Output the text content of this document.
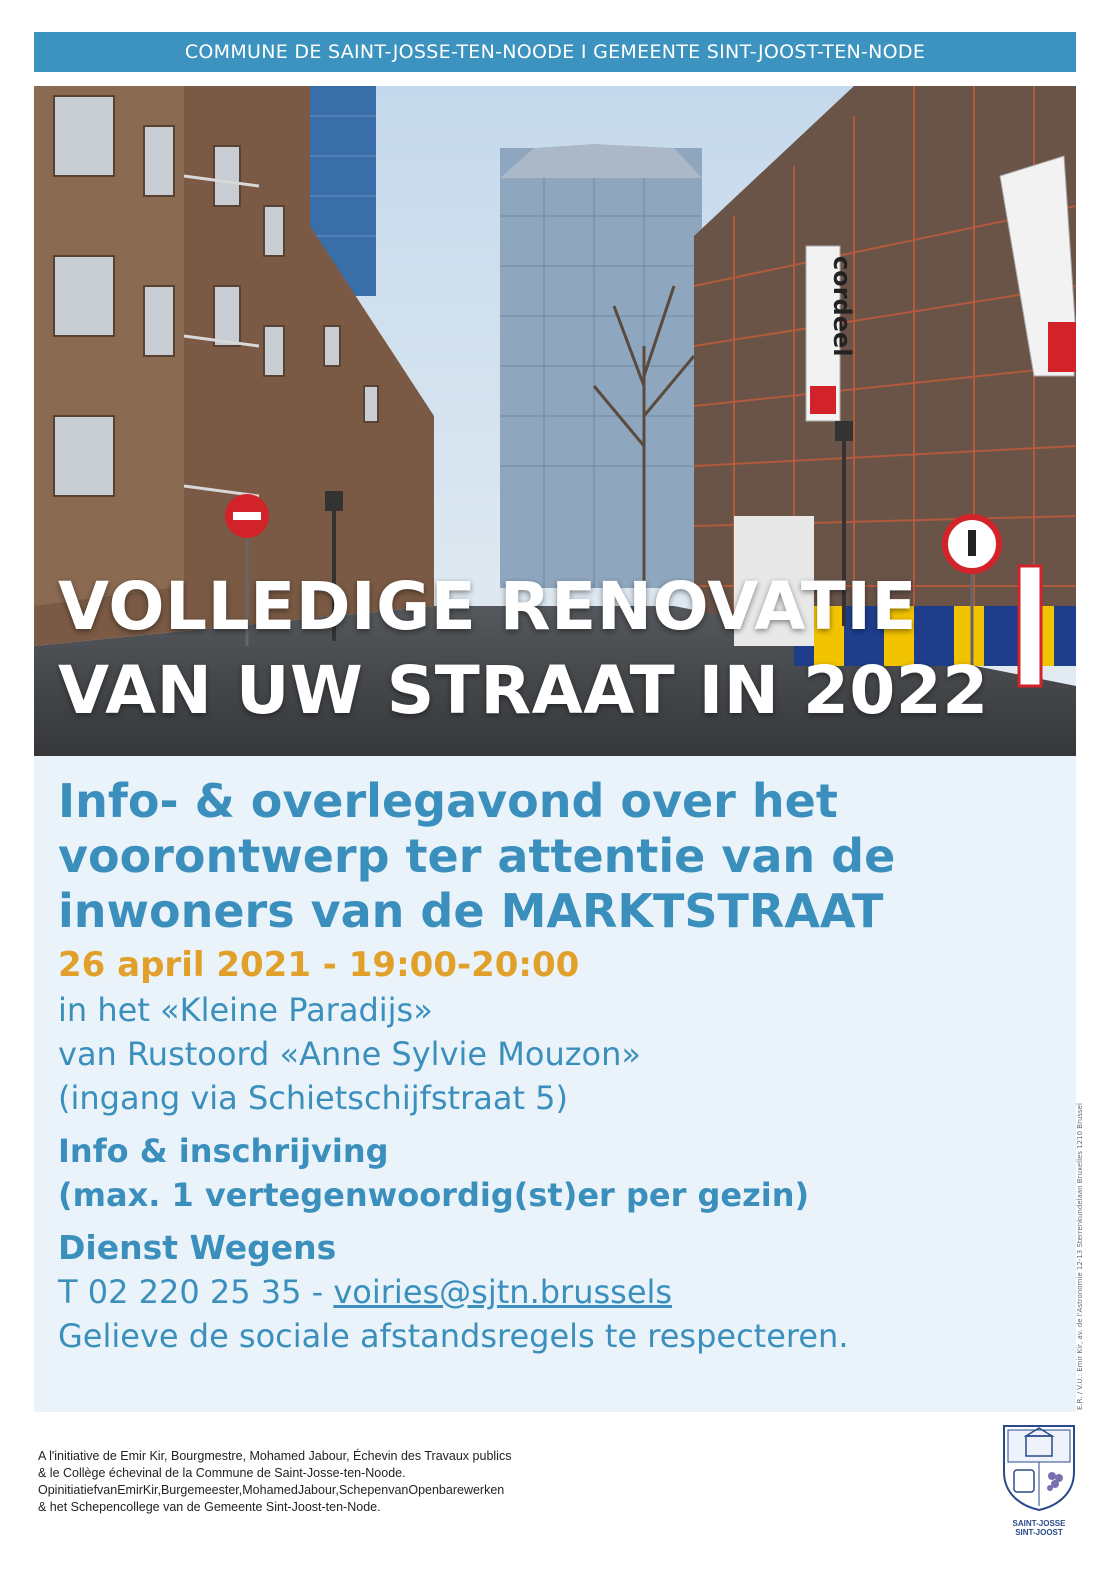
COMMUNE DE SAINT-JOSSE-TEN-NOODE I GEMEENTE SINT-JOOST-TEN-NODE
cordeel
VOLLEDIGE RENOVATIE
VAN UW STRAAT IN 2022
Info- & overlegavond over het
voorontwerp ter attentie van de
inwoners van de MARKTSTRAAT

26 april 2021 - 19:00-20:00

in het «Kleine Paradijs»

van Rustoord «Anne Sylvie Mouzon»

(ingang via Schietschijfstraat 5)

Info & inschrijving

(max. 1 vertegenwoordig(st)er per gezin)

Dienst Wegens

T 02 220 25 35 - voiries@sjtn.brussels

Gelieve de sociale afstandsregels te respecteren.	E.R. / V.U.: Emir Kir, av. de l'Astronomie 12-13 Sterrenkundelaan Bruxelles 1210 Brussel

A l'initiative de Emir Kir, Bourgmestre, Mohamed Jabour, Échevin des Travaux publics
& le Collège échevinal de la Commune de Saint-Josse-ten-Noode.
OpinitiatiefvanEmirKir,Burgemeester,MohamedJabour,SchepenvanOpenbarewerken
& het Schepencollege van de Gemeente Sint-Joost-ten-Node.

SAINT-JOSSE
SINT-JOOST
